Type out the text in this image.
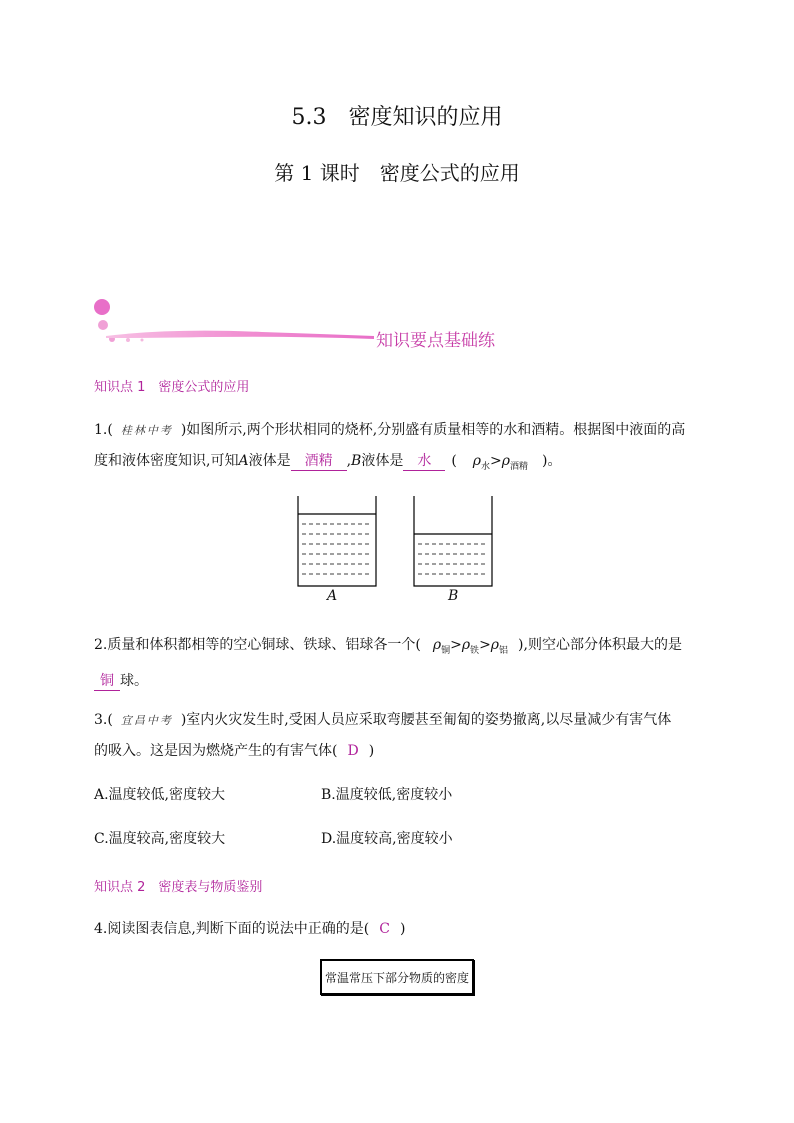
5.3　密度知识的应用
第 1 课时　密度公式的应用
知识要点基础练
知识点 1　密度公式的应用
1.( 桂林中考 )如图所示,两个形状相同的烧杯,分别盛有质量相等的水和酒精。根据图中液面的高
度和液体密度知识,可知A液体是 酒精 ,B液体是 水 ( $\rho_水>\rho_{酒精}$ )。
A	B
2.质量和体积都相等的空心铜球、铁球、铝球各一个( $\rho_铜>\rho_铁>\rho_铝$ ),则空心部分体积最大的是
铜 球。
3.( 宜昌中考 )室内火灾发生时,受困人员应采取弯腰甚至匍匐的姿势撤离,以尽量减少有害气体
的吸入。这是因为燃烧产生的有害气体( D )
A.温度较低,密度较大	B.温度较低,密度较小
C.温度较高,密度较大	D.温度较高,密度较小
知识点 2　密度表与物质鉴别
4.阅读图表信息,判断下面的说法中正确的是( C )
常温常压下部分物质的密度
